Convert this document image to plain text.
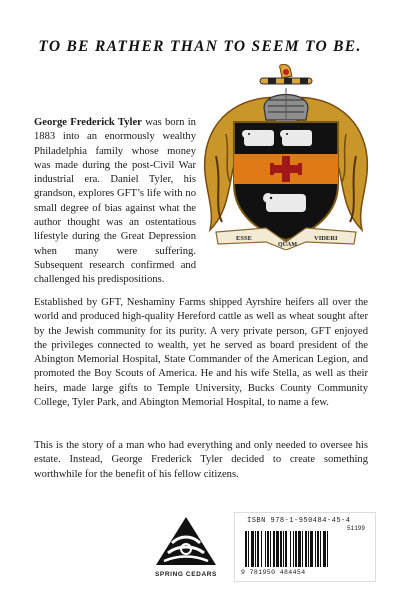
TO BE RATHER THAN TO SEEM TO BE.
George Frederick Tyler was born in 1883 into an enormously wealthy Philadelphia family whose money was made during the post-Civil War industrial era. Daniel Tyler, his grandson, explores GFT’s life with no small degree of bias against what the author thought was an ostentatious lifestyle during the Great Depression when many were suffering. Subsequent research confirmed and challenged his predispositions.
ESSE
QUAM
VIDERI

Established by GFT, Neshaminy Farms shipped Ayrshire heifers all over the world and produced high-quality Hereford cattle as well as wheat sought after by the Jewish community for its purity. A very private person, GFT enjoyed the privileges connected to wealth, yet he served as board president of the Abington Memorial Hospital, State Commander of the American Legion, and promoted the Boy Scouts of America. He and his wife Stella, as well as their heirs, made large gifts to Temple University, Bucks County Community College, Tyler Park, and Abington Memorial Hospital, to name a few.

This is the story of a man who had everything and only needed to oversee his estate. Instead, George Frederick Tyler decided to create something worthwhile for the benefit of his fellow citizens.

SPRING CEDARS
ISBN 978-1-950484-45-4
51199
9 781950 484454
